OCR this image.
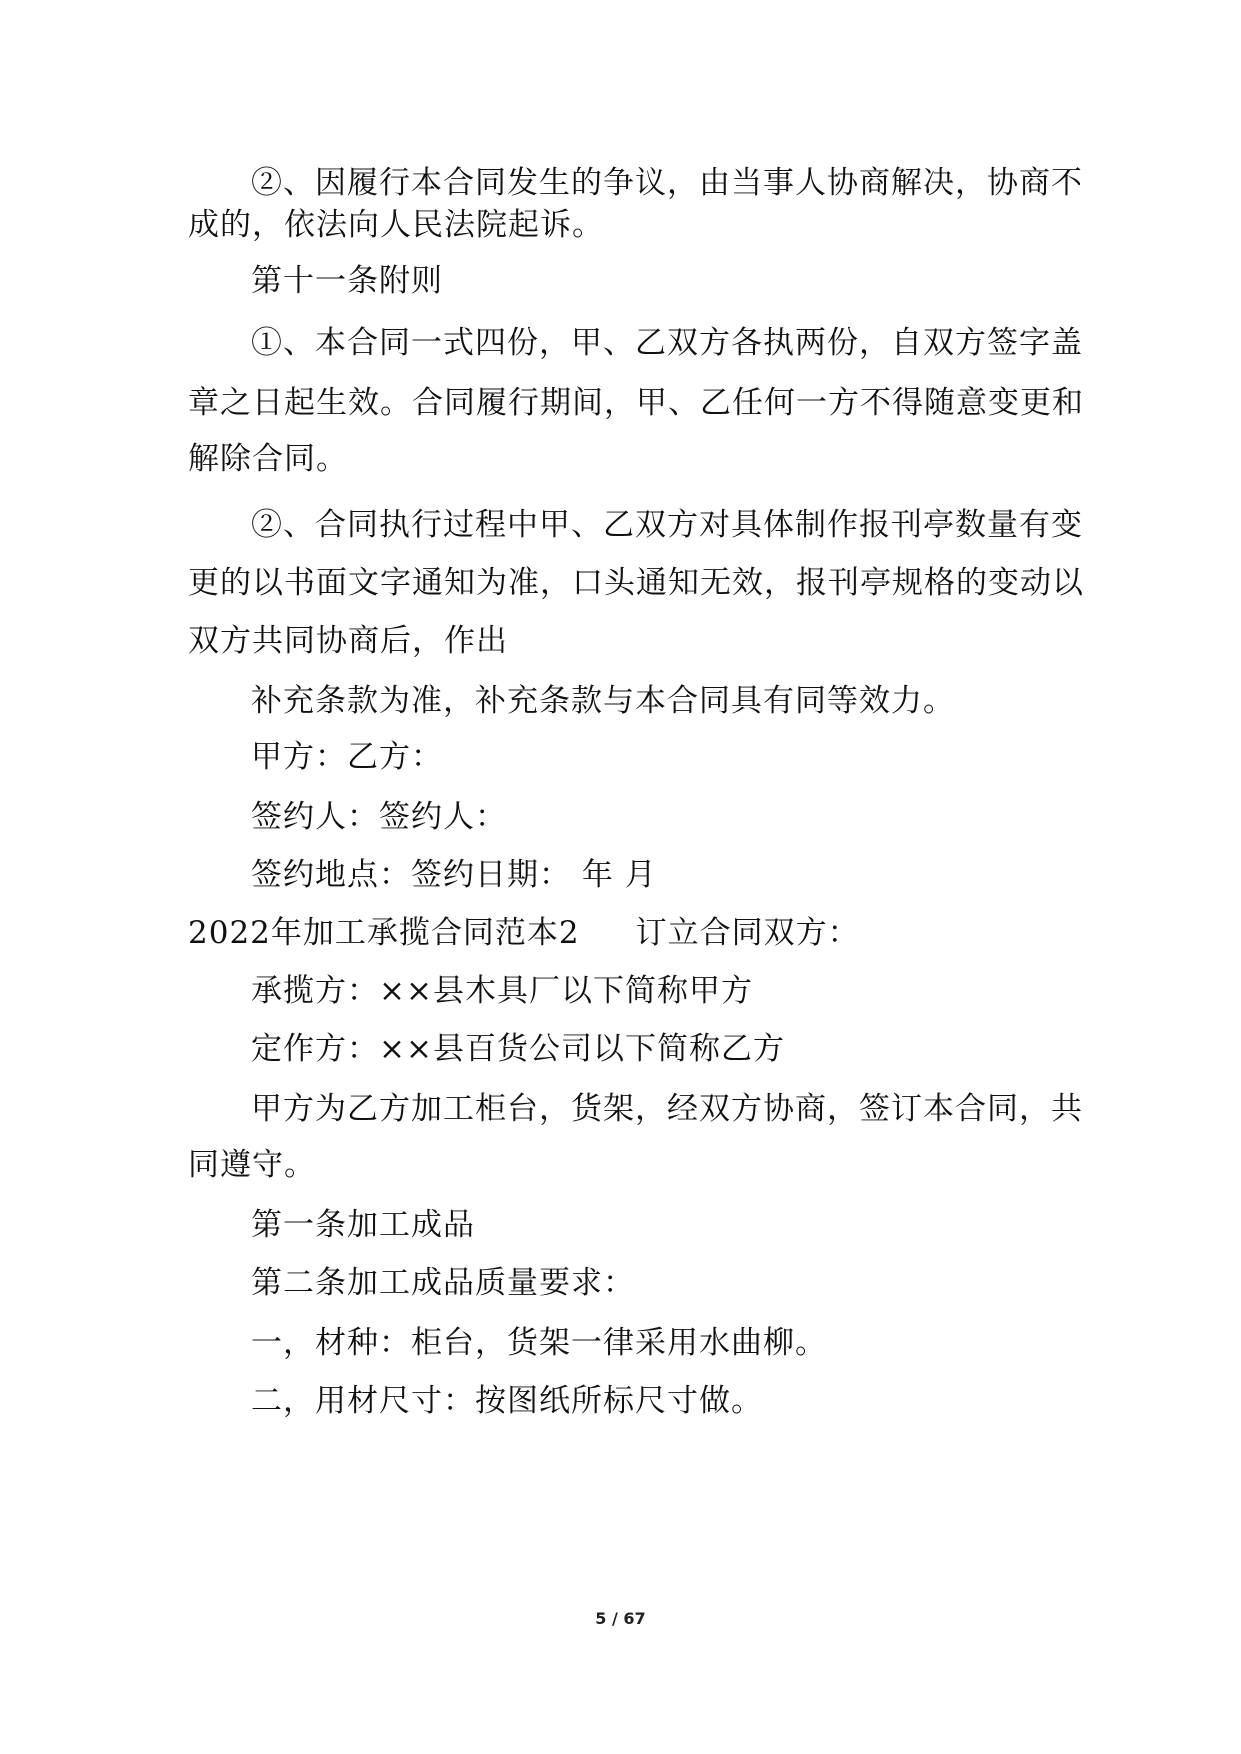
②、因履行本合同发生的争议，由当事人协商解决，协商不
成的，依法向人民法院起诉。
第十一条附则
①、本合同一式四份，甲、乙双方各执两份，自双方签字盖
章之日起生效。合同履行期间，甲、乙任何一方不得随意变更和
解除合同。
②、合同执行过程中甲、乙双方对具体制作报刊亭数量有变
更的以书面文字通知为准，口头通知无效，报刊亭规格的变动以
双方共同协商后，作出
补充条款为准，补充条款与本合同具有同等效力。
甲方：乙方：
签约人：签约人：
签约地点：签约日期： 年 月
2022年加工承揽合同范本2 订立合同双方：
承揽方：××县木具厂以下简称甲方
定作方：××县百货公司以下简称乙方
甲方为乙方加工柜台，货架，经双方协商，签订本合同，共
同遵守。
第一条加工成品
第二条加工成品质量要求：
一，材种：柜台，货架一律采用水曲柳。
二，用材尺寸：按图纸所标尺寸做。
5 / 67
